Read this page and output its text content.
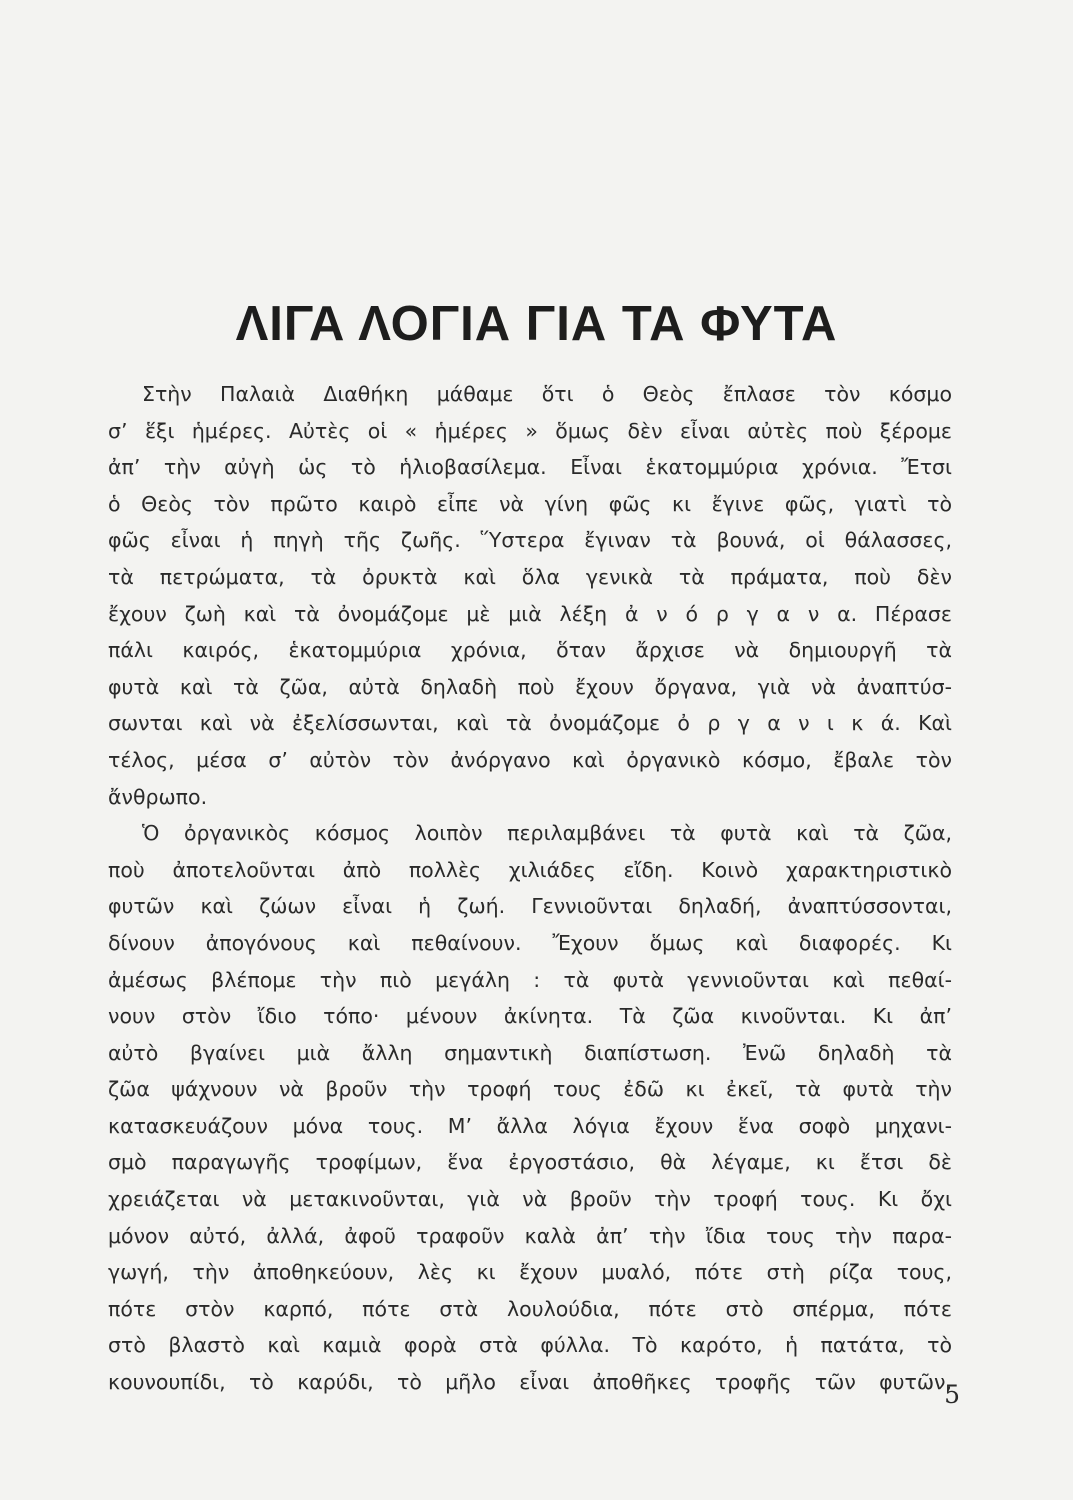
ΛΙΓΑ ΛΟΓΙΑ ΓΙΑ ΤΑ ΦΥΤΑ
Στὴν Παλαιὰ Διαθήκη μάθαμε ὅτι ὁ Θεὸς ἔπλασε τὸν κόσμο
σ’ ἕξι ἡμέρες. Αὐτὲς οἱ « ἡμέρες » ὅμως δὲν εἶναι αὐτὲς ποὺ ξέρομε
ἀπ’ τὴν αὐγὴ ὡς τὸ ἡλιοβασίλεμα. Εἶναι ἑκατομμύρια χρόνια. Ἔτσι
ὁ Θεὸς τὸν πρῶτο καιρὸ εἶπε νὰ γίνη φῶς κι ἔγινε φῶς, γιατὶ τὸ
φῶς εἶναι ἡ πηγὴ τῆς ζωῆς. Ὕστερα ἔγιναν τὰ βουνά, οἱ θάλασσες,
τὰ πετρώματα, τὰ ὀρυκτὰ καὶ ὅλα γενικὰ τὰ πράματα, ποὺ δὲν
ἔχουν ζωὴ καὶ τὰ ὀνομάζομε μὲ μιὰ λέξη ἀ ν ό ρ γ α ν α. Πέρασε
πάλι καιρός, ἑκατομμύρια χρόνια, ὅταν ἄρχισε νὰ δημιουργῆ τὰ
φυτὰ καὶ τὰ ζῶα, αὐτὰ δηλαδὴ ποὺ ἔχουν ὄργανα, γιὰ νὰ ἀναπτύσ-
σωνται καὶ νὰ ἐξελίσσωνται, καὶ τὰ ὀνομάζομε ὀ ρ γ α ν ι κ ά. Καὶ
τέλος, μέσα σ’ αὐτὸν τὸν ἀνόργανο καὶ ὀργανικὸ κόσμο, ἔβαλε τὸν
ἄνθρωπο.
Ὁ ὀργανικὸς κόσμος λοιπὸν περιλαμβάνει τὰ φυτὰ καὶ τὰ ζῶα,
ποὺ ἀποτελοῦνται ἀπὸ πολλὲς χιλιάδες εἴδη. Κοινὸ χαρακτηριστικὸ
φυτῶν καὶ ζώων εἶναι ἡ ζωή. Γεννιοῦνται δηλαδή, ἀναπτύσσονται,
δίνουν ἀπογόνους καὶ πεθαίνουν. Ἔχουν ὅμως καὶ διαφορές. Κι
ἀμέσως βλέπομε τὴν πιὸ μεγάλη : τὰ φυτὰ γεννιοῦνται καὶ πεθαί-
νουν στὸν ἴδιο τόπο· μένουν ἀκίνητα. Τὰ ζῶα κινοῦνται. Κι ἀπ’
αὐτὸ βγαίνει μιὰ ἄλλη σημαντικὴ διαπίστωση. Ἐνῶ δηλαδὴ τὰ
ζῶα ψάχνουν νὰ βροῦν τὴν τροφή τους ἐδῶ κι ἐκεῖ, τὰ φυτὰ τὴν
κατασκευάζουν μόνα τους. Μ’ ἄλλα λόγια ἔχουν ἕνα σοφὸ μηχανι-
σμὸ παραγωγῆς τροφίμων, ἕνα ἐργοστάσιο, θὰ λέγαμε, κι ἔτσι δὲ
χρειάζεται νὰ μετακινοῦνται, γιὰ νὰ βροῦν τὴν τροφή τους. Κι ὄχι
μόνον αὐτό, ἀλλά, ἀφοῦ τραφοῦν καλὰ ἀπ’ τὴν ἴδια τους τὴν παρα-
γωγή, τὴν ἀποθηκεύουν, λὲς κι ἔχουν μυαλό, πότε στὴ ρίζα τους,
πότε στὸν καρπό, πότε στὰ λουλούδια, πότε στὸ σπέρμα, πότε
στὸ βλαστὸ καὶ καμιὰ φορὰ στὰ φύλλα. Τὸ καρότο, ἡ πατάτα, τὸ
κουνουπίδι, τὸ καρύδι, τὸ μῆλο εἶναι ἀποθῆκες τροφῆς τῶν φυτῶν,
5
